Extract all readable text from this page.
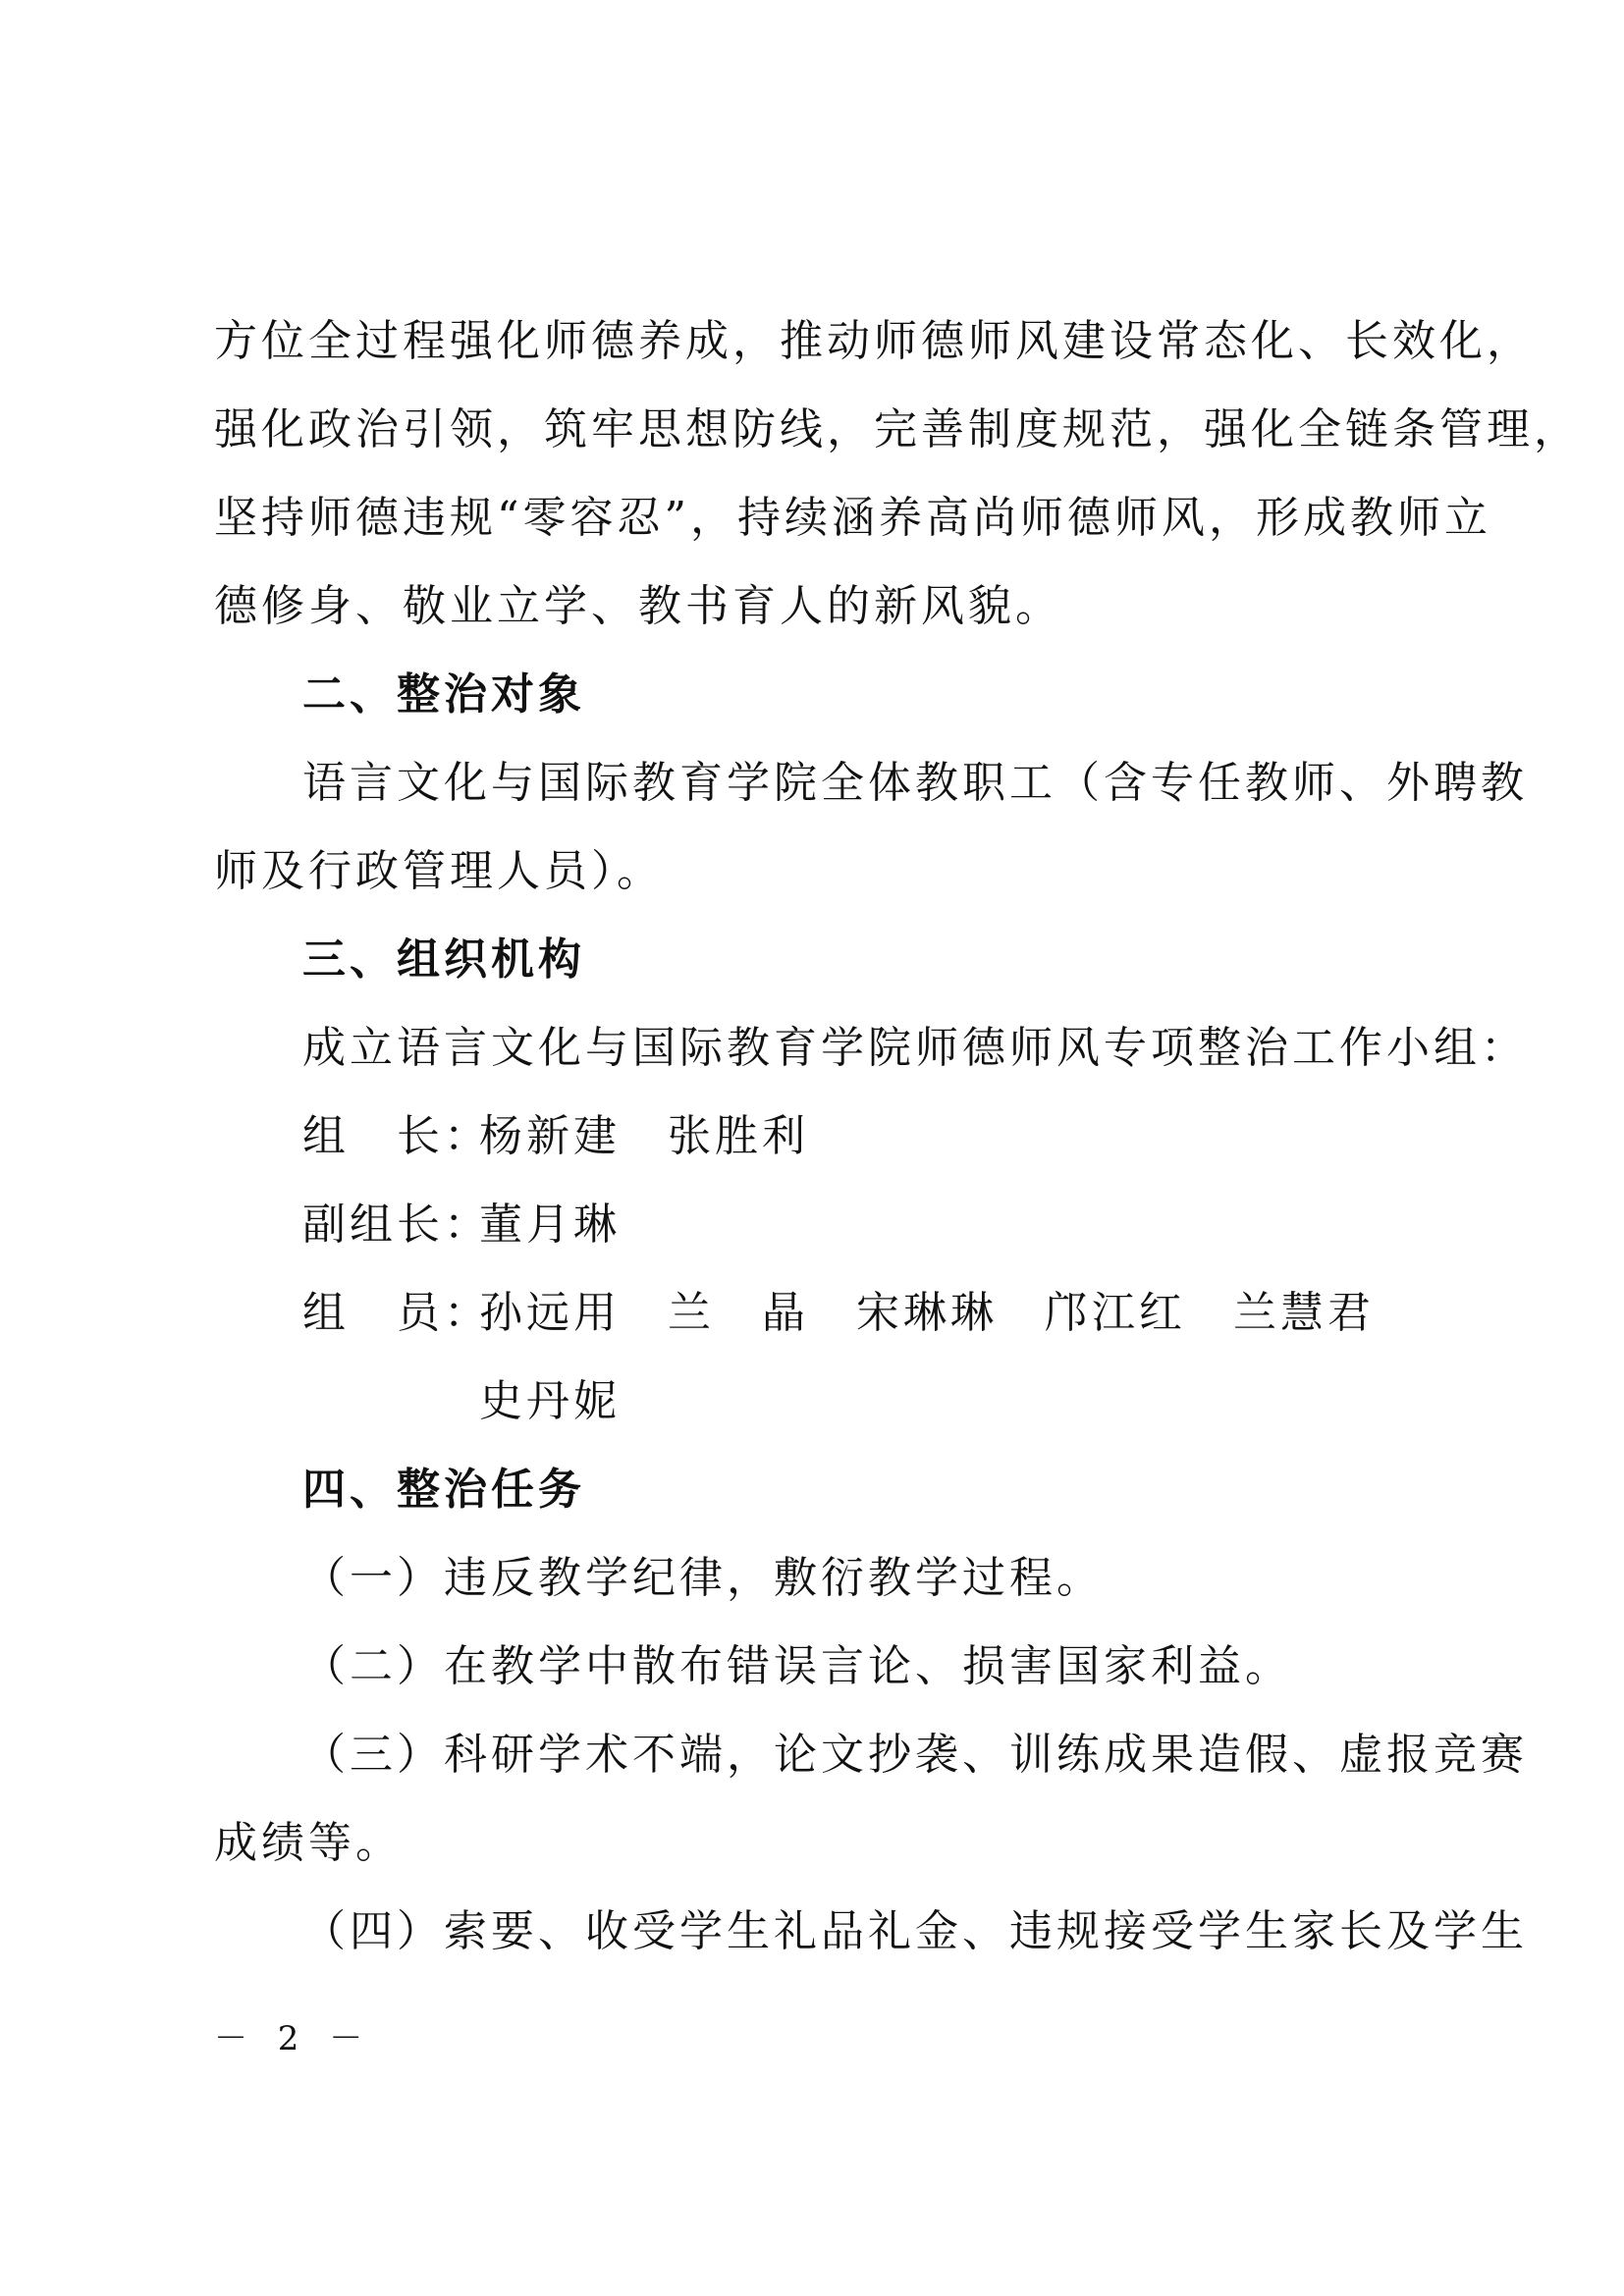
方位全过程强化师德养成，推动师德师风建设常态化、长效化，
强化政治引领，筑牢思想防线，完善制度规范，强化全链条管理，
坚持师德违规“零容忍”，持续涵养高尚师德师风，形成教师立
德修身、敬业立学、教书育人的新风貌。
二、整治对象
语言文化与国际教育学院全体教职工（含专任教师、外聘教
师及行政管理人员）。
三、组织机构
成立语言文化与国际教育学院师德师风专项整治工作小组：
组　长：
杨新建　张胜利
副组长：
董月琳
组　员：
孙远用　兰　晶　宋琳琳　邝江红　兰慧君
史丹妮
四、整治任务
（一）违反教学纪律，敷衍教学过程。
（二）在教学中散布错误言论、损害国家利益。
（三）科研学术不端，论文抄袭、训练成果造假、虚报竞赛
成绩等。
（四）索要、收受学生礼品礼金、违规接受学生家长及学生
－ 2 －
